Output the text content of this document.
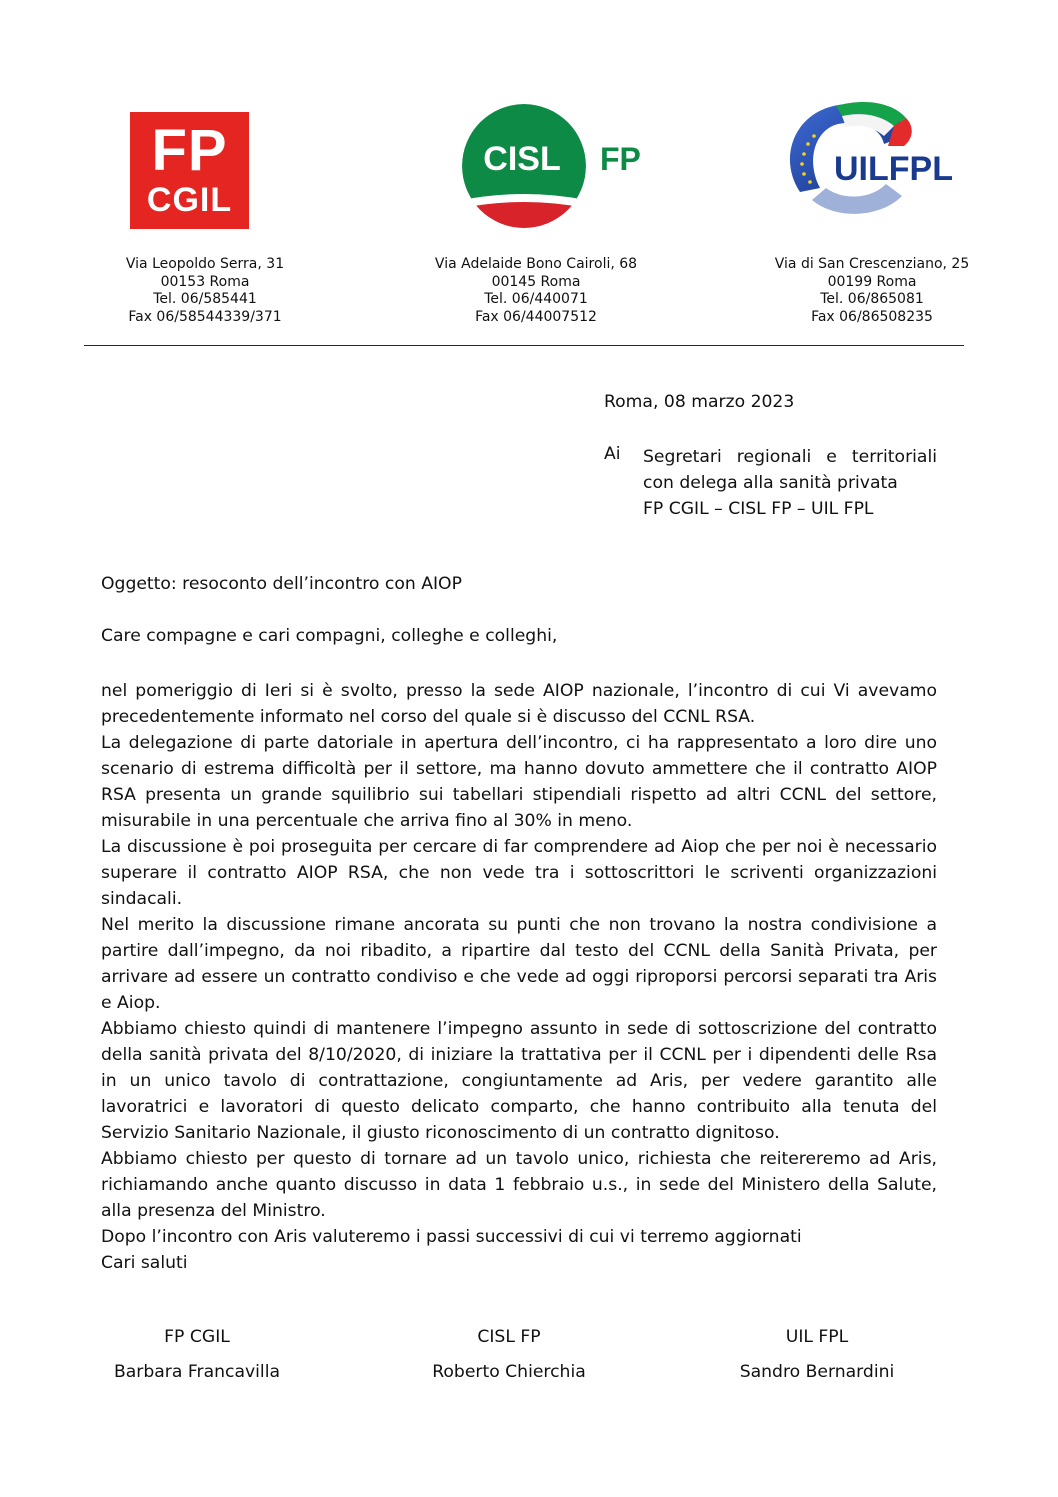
FP
CGIL
CISL FP	UILFPL
Via Leopoldo Serra, 31
00153 Roma
Tel. 06/585441
Fax 06/58544339/371
Via Adelaide Bono Cairoli, 68
00145 Roma
Tel. 06/440071
Fax 06/44007512
Via di San Crescenziano, 25
00199 Roma
Tel. 06/865081
Fax 06/86508235
Roma, 08 marzo 2023
Ai Segretari regionali e territoriali
con delega alla sanità privata
FP CGIL – CISL FP – UIL FPL
Oggetto: resoconto dell’incontro con AIOP
Care compagne e cari compagni, colleghe e colleghi,

nel pomeriggio di Ieri si è svolto, presso la sede AIOP nazionale, l’incontro di cui Vi avevamo precedentemente informato nel corso del quale si è discusso del CCNL RSA.

La delegazione di parte datoriale in apertura dell’incontro, ci ha rappresentato a loro dire uno scenario di estrema difficoltà per il settore, ma hanno dovuto ammettere che il contratto AIOP RSA presenta un grande squilibrio sui tabellari stipendiali rispetto ad altri CCNL del settore, misurabile in una percentuale che arriva fino al 30% in meno.

La discussione è poi proseguita per cercare di far comprendere ad Aiop che per noi è necessario superare il contratto AIOP RSA, che non vede tra i sottoscrittori le scriventi organizzazioni sindacali.

Nel merito la discussione rimane ancorata su punti che non trovano la nostra condivisione a partire dall’impegno, da noi ribadito, a ripartire dal testo del CCNL della Sanità Privata, per arrivare ad essere un contratto condiviso e che vede ad oggi riproporsi percorsi separati tra Aris e Aiop.

Abbiamo chiesto quindi di mantenere l’impegno assunto in sede di sottoscrizione del contratto della sanità privata del 8/10/2020, di iniziare la trattativa per il CCNL per i dipendenti delle Rsa in un unico tavolo di contrattazione, congiuntamente ad Aris, per vedere garantito alle lavoratrici e lavoratori di questo delicato comparto, che hanno contribuito alla tenuta del Servizio Sanitario Nazionale, il giusto riconoscimento di un contratto dignitoso.

Abbiamo chiesto per questo di tornare ad un tavolo unico, richiesta che reitereremo ad Aris, richiamando anche quanto discusso in data 1 febbraio u.s., in sede del Ministero della Salute, alla presenza del Ministro.

Dopo l’incontro con Aris valuteremo i passi successivi di cui vi terremo aggiornati

Cari saluti

FP CGIL
Barbara Francavilla
CISL FP
Roberto Chierchia
UIL FPL
Sandro Bernardini
